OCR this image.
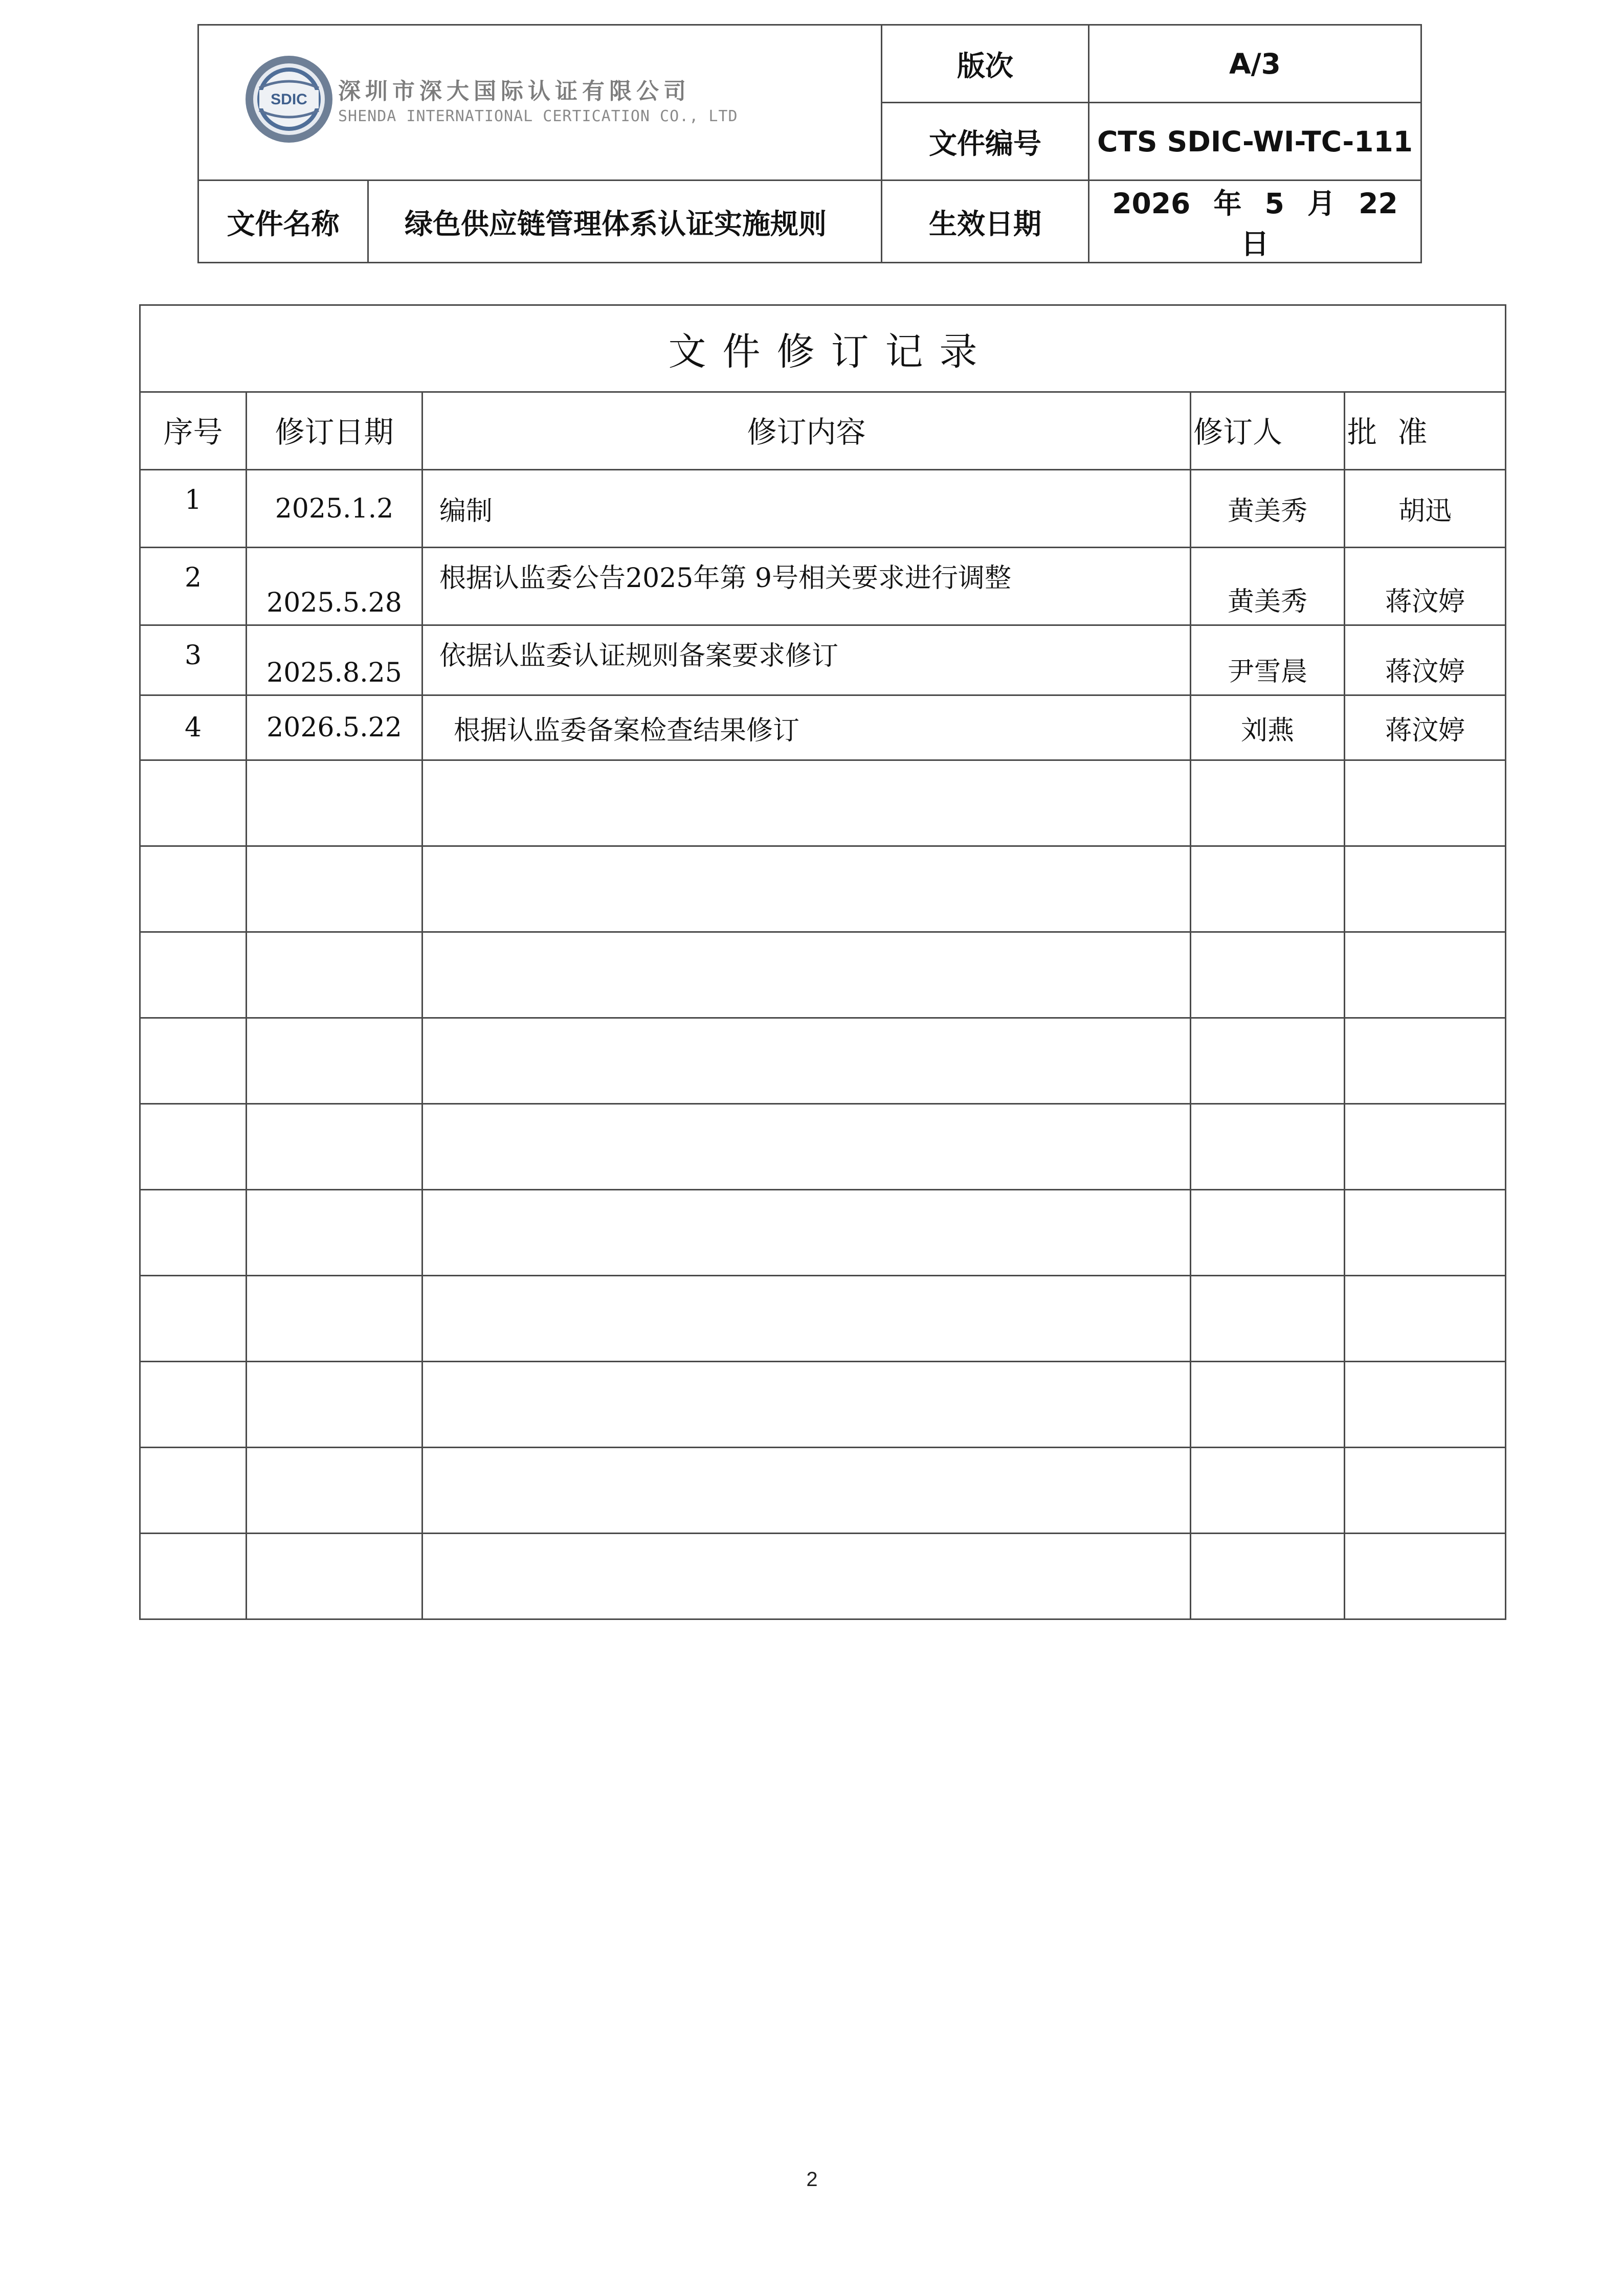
SDIC 深圳市深大国际认证有限公司
SHENDA INTERNATIONAL CERTICATION CO., LTD		版次	A/3
		文件编号	CTS SDIC-WI-TC-111
文件名称	绿色供应链管理体系认证实施规则	生效日期	2026 年 5 月 22 日
文件修订记录				
序号	修订日期	修订内容	修订人	批 准
1	2025.1.2	编制	黄美秀	胡迅
2	2025.5.28	根据认监委公告2025年第 9号相关要求进行调整	黄美秀	蒋汶婷
3	2025.8.25	依据认监委认证规则备案要求修订	尹雪晨	蒋汶婷
4	2026.5.22	根据认监委备案检查结果修订	刘燕	蒋汶婷

2
